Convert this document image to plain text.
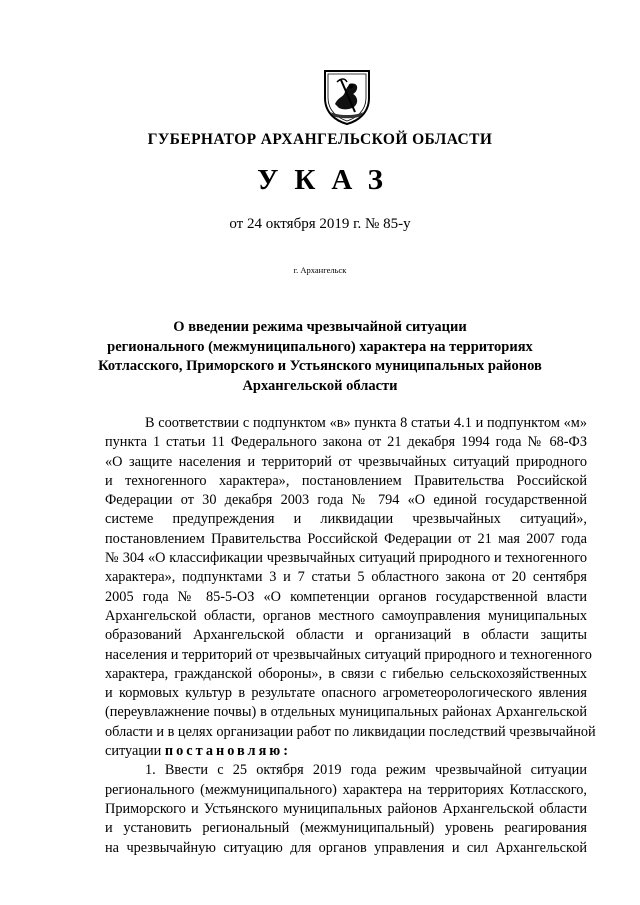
ГУБЕРНАТОР АРХАНГЕЛЬСКОЙ ОБЛАСТИ
УКАЗ
от 24 октября 2019 г. № 85-у
г. Архангельск
О введении режима чрезвычайной ситуации
регионального (межмуниципального) характера на территориях
Котласского, Приморского и Устьянского муниципальных районов
Архангельской области
В соответствии с подпунктом «в» пункта 8 статьи 4.1 и подпунктом «м»
пункта 1 статьи 11 Федерального закона от 21 декабря 1994 года № 68-ФЗ
«О защите населения и территорий от чрезвычайных ситуаций природного
и техногенного характера», постановлением Правительства Российской
Федерации от 30 декабря 2003 года № 794 «О единой государственной
системе предупреждения и ликвидации чрезвычайных ситуаций»,
постановлением Правительства Российской Федерации от 21 мая 2007 года
№ 304 «О классификации чрезвычайных ситуаций природного и техногенного
характера», подпунктами 3 и 7 статьи 5 областного закона от 20 сентября
2005 года № 85-5-ОЗ «О компетенции органов государственной власти
Архангельской области, органов местного самоуправления муниципальных
образований Архангельской области и организаций в области защиты
населения и территорий от чрезвычайных ситуаций природного и техногенного
характера, гражданской обороны», в связи с гибелью сельскохозяйственных
и кормовых культур в результате опасного агрометеорологического явления
(переувлажнение почвы) в отдельных муниципальных районах Архангельской
области и в целях организации работ по ликвидации последствий чрезвычайной
ситуации постановляю:
1. Ввести с 25 октября 2019 года режим чрезвычайной ситуации
регионального (межмуниципального) характера на территориях Котласского,
Приморского и Устьянского муниципальных районов Архангельской области
и установить региональный (межмуниципальный) уровень реагирования
на чрезвычайную ситуацию для органов управления и сил Архангельской
